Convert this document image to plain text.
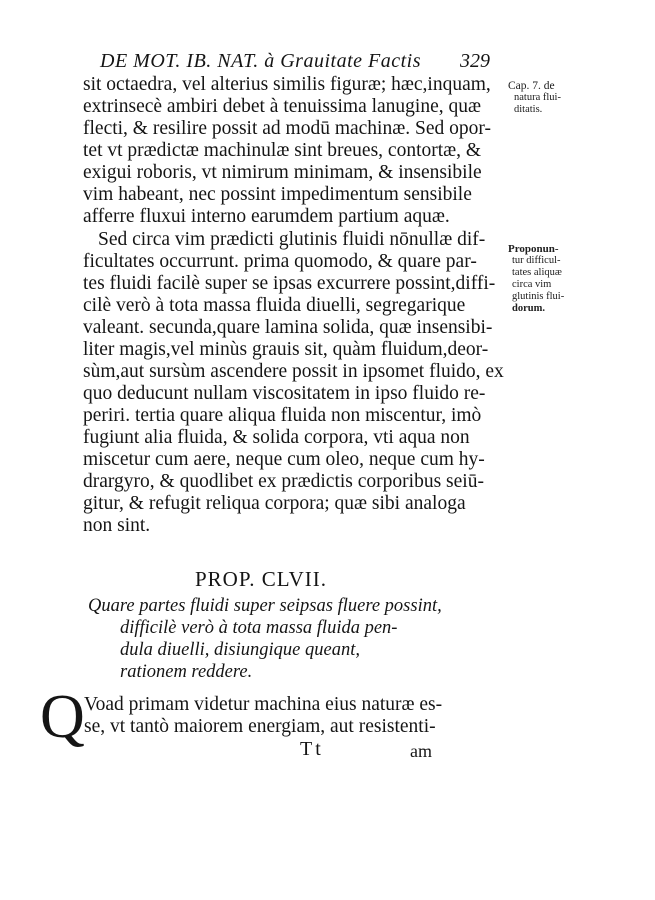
DE MOT. IB. NAT. à Grauitate Factis 329
sit octaedra, vel alterius similis figuræ; hæc,inquam,
extrinsecè ambiri debet à tenuissima lanugine, quæ
flecti, & resilire possit ad modū machinæ. Sed opor-
tet vt prædictæ machinulæ sint breues, contortæ, &
exigui roboris, vt nimirum minimam, & insensibile
vim habeant, nec possint impedimentum sensibile
afferre fluxui interno earumdem partium aquæ.
Sed circa vim prædicti glutinis fluidi nōnullæ dif-
ficultates occurrunt. prima quomodo, & quare par-
tes fluidi facilè super se ipsas excurrere possint,diffi-
cilè verò à tota massa fluida diuelli, segregarique
valeant. secunda,quare lamina solida, quæ insensibi-
liter magis,vel minùs grauis sit, quàm fluidum,deor-
sùm,aut sursùm ascendere possit in ipsomet fluido, ex
quo deducunt nullam viscositatem in ipso fluido re-
periri. tertia quare aliqua fluida non miscentur, imò
fugiunt alia fluida, & solida corpora, vti aqua non
miscetur cum aere, neque cum oleo, neque cum hy-
drargyro, & quodlibet ex prædictis corporibus seiū-
gitur, & refugit reliqua corpora; quæ sibi analoga
non sint.
Cap. 7. de
natura flui-
ditatis.
Proponun-
tur difficul-
tates aliquæ
circa vim
glutinis flui-
dorum.
PROP. CLVII.
Quare partes fluidi super seipsas fluere possint,
difficilè verò à tota massa fluida pen-
dula diuelli, disiungique queant,
rationem reddere.
Q Voad primam videtur machina eius naturæ es-
se, vt tantò maiorem energiam, aut resistenti-
Tt	am
